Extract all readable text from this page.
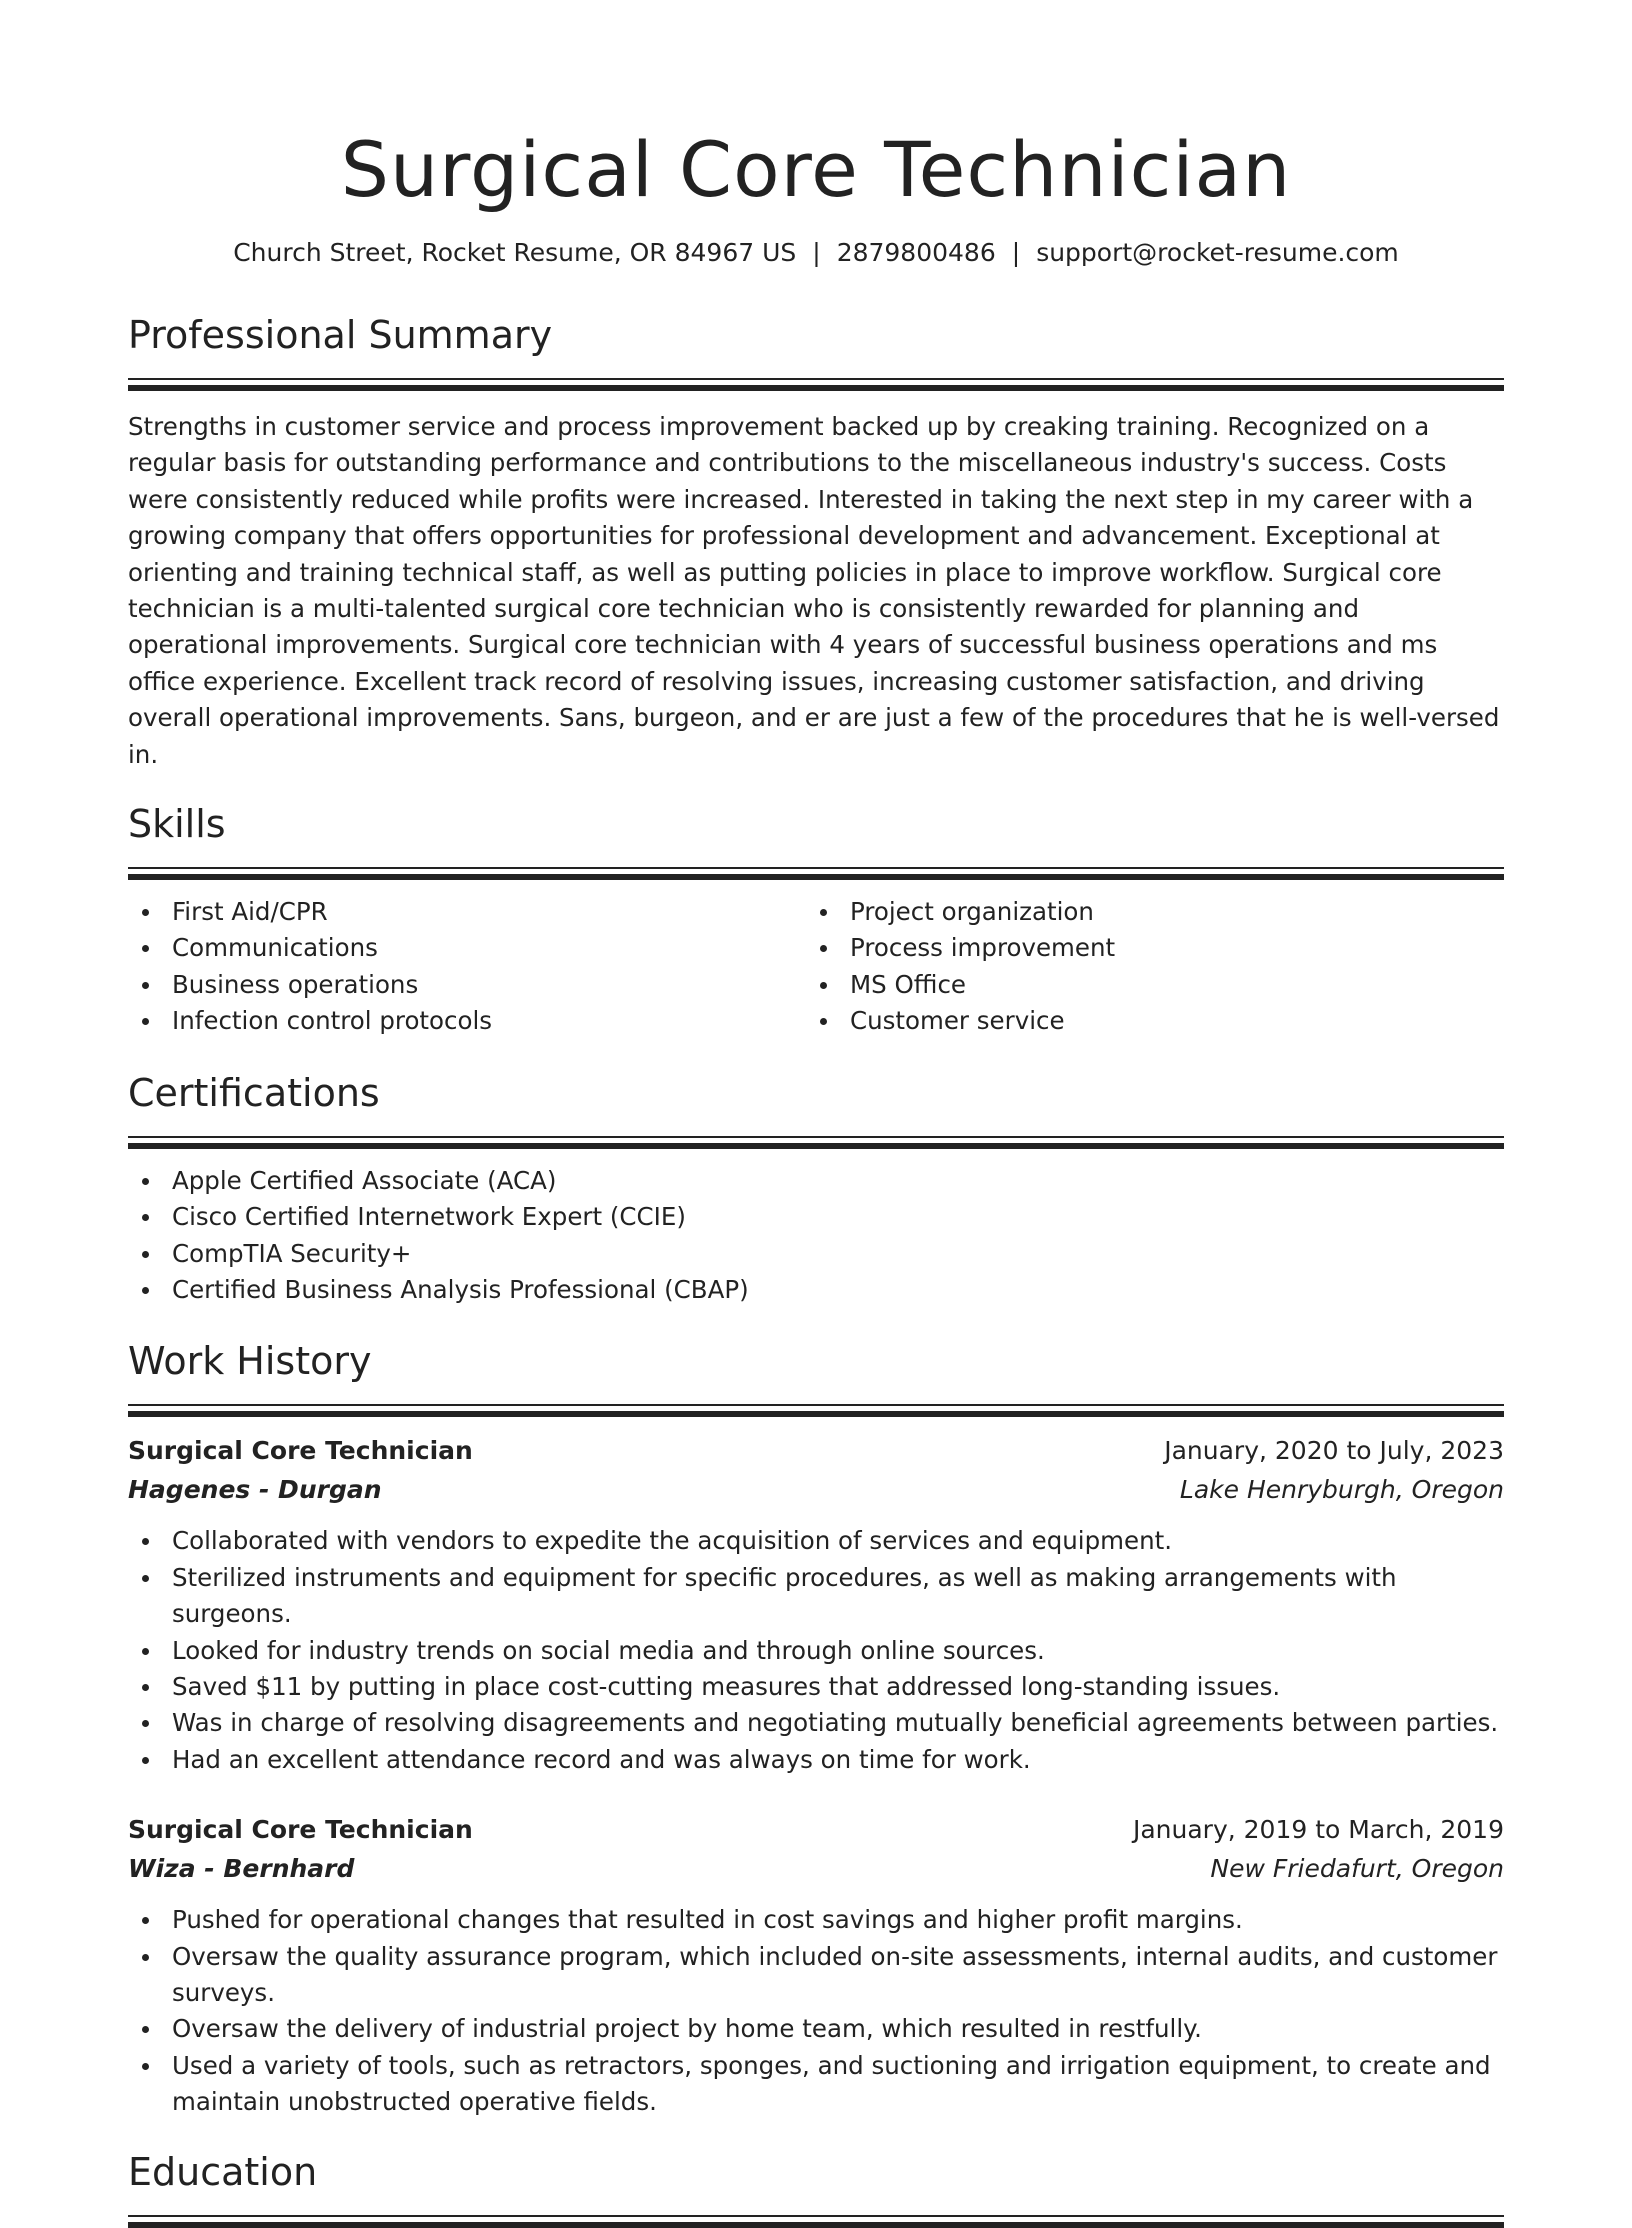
Surgical Core Technician
Church Street, Rocket Resume, OR 84967 US | 2879800486 | support@rocket-resume.com
Professional Summary
Strengths in customer service and process improvement backed up by creaking training. Recognized on a regular basis for outstanding performance and contributions to the miscellaneous industry's success. Costs were consistently reduced while profits were increased. Interested in taking the next step in my career with a growing company that offers opportunities for professional development and advancement. Exceptional at orienting and training technical staff, as well as putting policies in place to improve workflow. Surgical core technician is a multi-talented surgical core technician who is consistently rewarded for planning and operational improvements. Surgical core technician with 4 years of successful business operations and ms office experience. Excellent track record of resolving issues, increasing customer satisfaction, and driving overall operational improvements. Sans, burgeon, and er are just a few of the procedures that he is well-versed in.
Skills
First Aid/CPR
Communications
Business operations
Infection control protocols
Project organization
Process improvement
MS Office
Customer service
Certifications
Apple Certified Associate (ACA)
Cisco Certified Internetwork Expert (CCIE)
CompTIA Security+
Certified Business Analysis Professional (CBAP)
Work History
Surgical Core Technician	January, 2020 to July, 2023
Hagenes - Durgan	Lake Henryburgh, Oregon
Collaborated with vendors to expedite the acquisition of services and equipment.
Sterilized instruments and equipment for specific procedures, as well as making arrangements with surgeons.
Looked for industry trends on social media and through online sources.
Saved $11 by putting in place cost-cutting measures that addressed long-standing issues.
Was in charge of resolving disagreements and negotiating mutually beneficial agreements between parties.
Had an excellent attendance record and was always on time for work.
Surgical Core Technician	January, 2019 to March, 2019
Wiza - Bernhard	New Friedafurt, Oregon
Pushed for operational changes that resulted in cost savings and higher profit margins.
Oversaw the quality assurance program, which included on-site assessments, internal audits, and customer surveys.
Oversaw the delivery of industrial project by home team, which resulted in restfully.
Used a variety of tools, such as retractors, sponges, and suctioning and irrigation equipment, to create and maintain unobstructed operative fields.
Education
